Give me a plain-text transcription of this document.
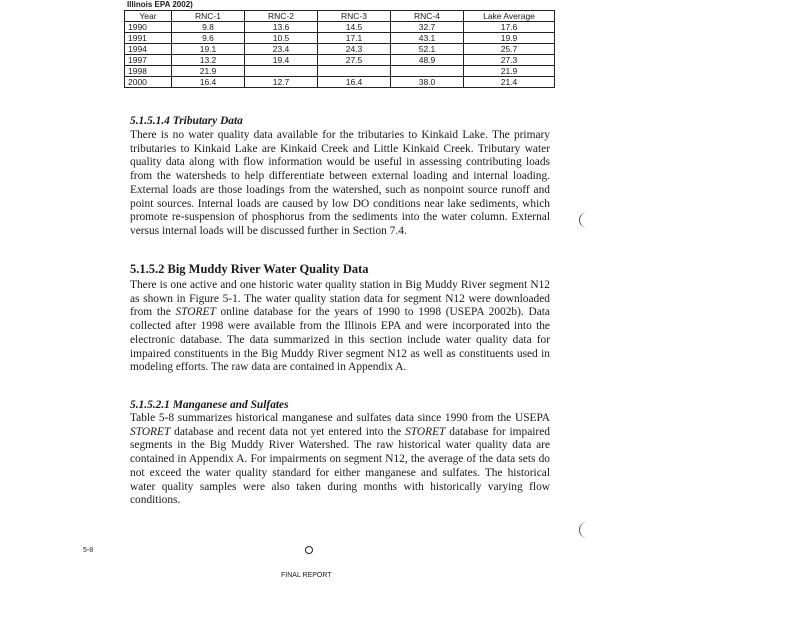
Illinois EPA 2002)
Year	RNC-1	RNC-2	RNC-3	RNC-4	Lake Average
1990	9.8	13.6	14.5	32.7	17.6
1991	9.6	10.5	17.1	43.1	19.9
1994	19.1	23.4	24.3	52.1	25.7
1997	13.2	19.4	27.5	48.9	27.3
1998	21.9				21.9
2000	16.4	12.7	16.4	38.0	21.4
5.1.5.1.4 Tributary Data

There is no water quality data available for the tributaries to Kinkaid Lake. The primary tributaries to Kinkaid Lake are Kinkaid Creek and Little Kinkaid Creek. Tributary water quality data along with flow information would be useful in assessing contributing loads from the watersheds to help differentiate between external loading and internal loading. External loads are those loadings from the watershed, such as nonpoint source runoff and point sources. Internal loads are caused by low DO conditions near lake sediments, which promote re-suspension of phosphorus from the sediments into the water column. External versus internal loads will be discussed further in Section 7.4.

5.1.5.2 Big Muddy River Water Quality Data

There is one active and one historic water quality station in Big Muddy River segment N12 as shown in Figure 5-1. The water quality station data for segment N12 were downloaded from the STORET online database for the years of 1990 to 1998 (USEPA 2002b). Data collected after 1998 were available from the Illinois EPA and were incorporated into the electronic database. The data summarized in this section include water quality data for impaired constituents in the Big Muddy River segment N12 as well as constituents used in modeling efforts. The raw data are contained in Appendix A.

5.1.5.2.1 Manganese and Sulfates

Table 5-8 summarizes historical manganese and sulfates data since 1990 from the USEPA STORET database and recent data not yet entered into the STORET database for impaired segments in the Big Muddy River Watershed. The raw historical water quality data are contained in Appendix A. For impairments on segment N12, the average of the data sets do not exceed the water quality standard for either manganese and sulfates. The historical water quality samples were also taken during months with historically varying flow conditions.

5-8
FINAL REPORT
